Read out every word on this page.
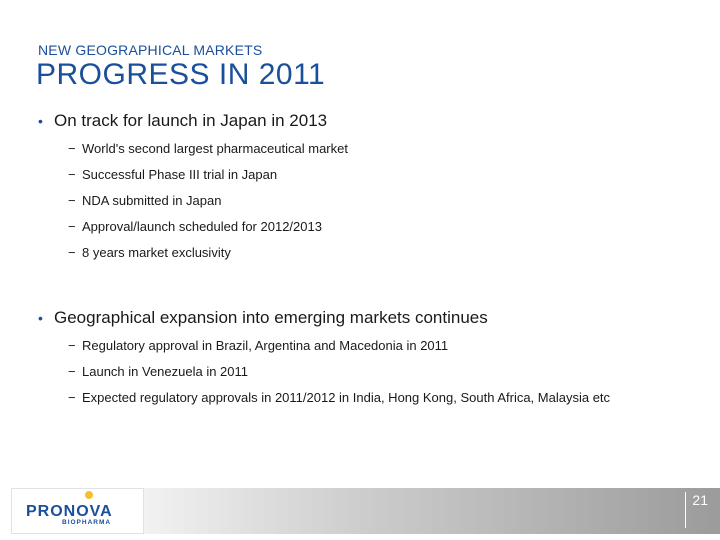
NEW GEOGRAPHICAL MARKETS
PROGRESS IN 2011
• On track for launch in Japan in 2013
− World's second largest pharmaceutical market
− Successful Phase III trial in Japan
− NDA submitted in Japan
− Approval/launch scheduled for 2012/2013
− 8 years market exclusivity
• Geographical expansion into emerging markets continues
− Regulatory approval in Brazil, Argentina and Macedonia in 2011
− Launch in Venezuela in 2011
− Expected regulatory approvals in 2011/2012 in India, Hong Kong, South Africa, Malaysia etc
PRONOVA
BIOPHARMA
21
